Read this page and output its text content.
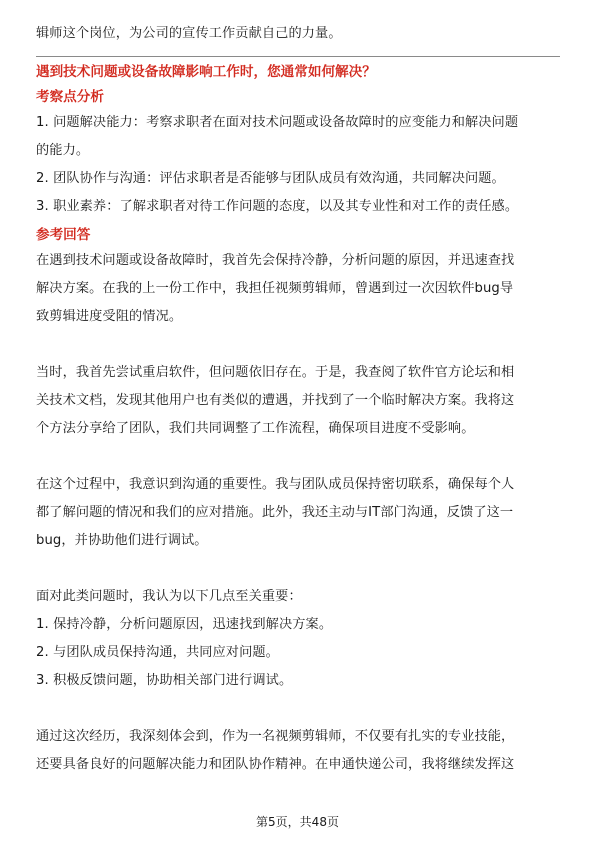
辑师这个岗位，为公司的宣传工作贡献自己的力量。
遇到技术问题或设备故障影响工作时，您通常如何解决？
考察点分析
1. 问题解决能力：考察求职者在面对技术问题或设备故障时的应变能力和解决问题
的能力。
2. 团队协作与沟通：评估求职者是否能够与团队成员有效沟通，共同解决问题。
3. 职业素养：了解求职者对待工作问题的态度，以及其专业性和对工作的责任感。
参考回答
在遇到技术问题或设备故障时，我首先会保持冷静，分析问题的原因，并迅速查找
解决方案。在我的上一份工作中，我担任视频剪辑师，曾遇到过一次因软件bug导
致剪辑进度受阻的情况。
当时，我首先尝试重启软件，但问题依旧存在。于是，我查阅了软件官方论坛和相
关技术文档，发现其他用户也有类似的遭遇，并找到了一个临时解决方案。我将这
个方法分享给了团队，我们共同调整了工作流程，确保项目进度不受影响。
在这个过程中，我意识到沟通的重要性。我与团队成员保持密切联系，确保每个人
都了解问题的情况和我们的应对措施。此外，我还主动与IT部门沟通，反馈了这一
bug，并协助他们进行调试。
面对此类问题时，我认为以下几点至关重要：
1. 保持冷静，分析问题原因，迅速找到解决方案。
2. 与团队成员保持沟通，共同应对问题。
3. 积极反馈问题，协助相关部门进行调试。
通过这次经历，我深刻体会到，作为一名视频剪辑师，不仅要有扎实的专业技能，
还要具备良好的问题解决能力和团队协作精神。在申通快递公司，我将继续发挥这
第5页，共48页
